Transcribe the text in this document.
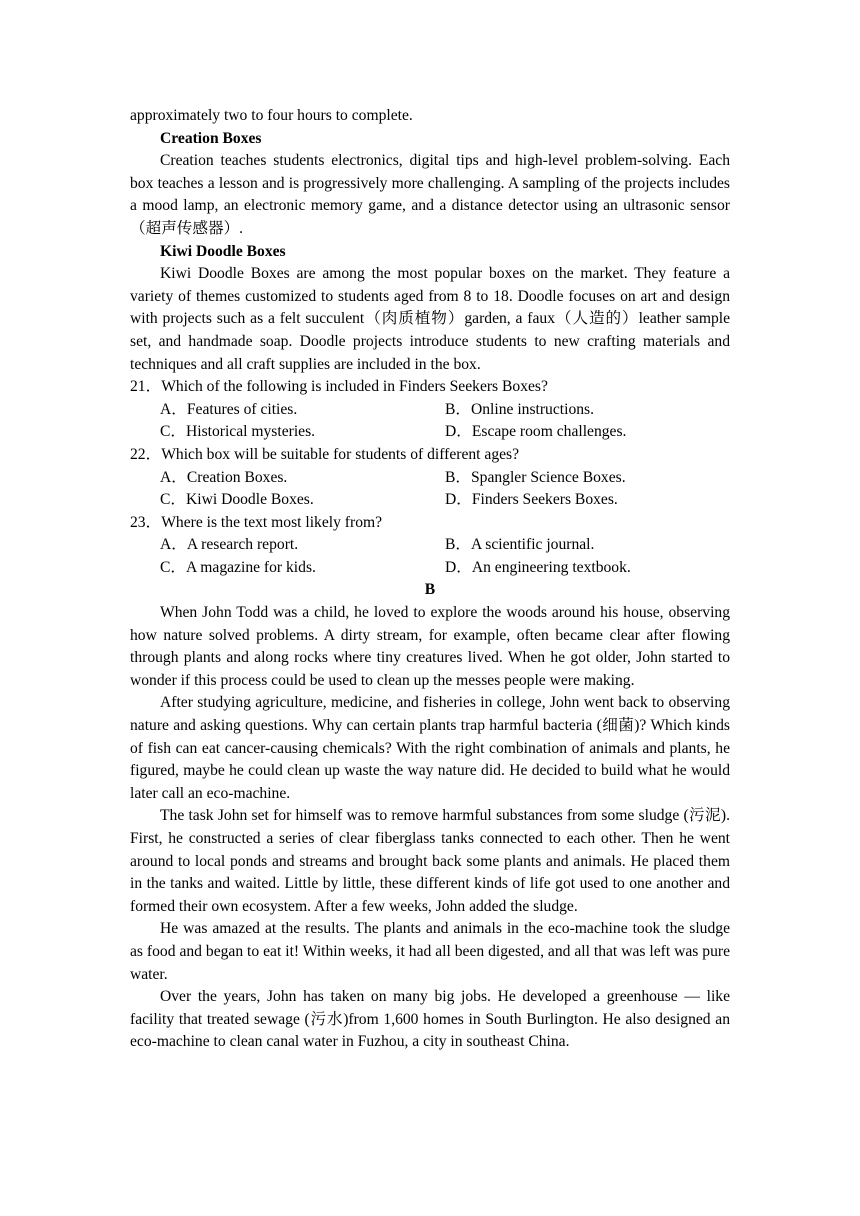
approximately two to four hours to complete.

Creation Boxes

Creation teaches students electronics, digital tips and high-level problem-solving. Each box teaches a lesson and is progressively more challenging. A sampling of the projects includes a mood lamp, an electronic memory game, and a distance detector using an ultrasonic sensor（超声传感器）.

Kiwi Doodle Boxes

Kiwi Doodle Boxes are among the most popular boxes on the market. They feature a variety of themes customized to students aged from 8 to 18. Doodle focuses on art and design with projects such as a felt succulent（肉质植物）garden, a faux（人造的）leather sample set, and handmade soap. Doodle projects introduce students to new crafting materials and techniques and all craft supplies are included in the box.

21．Which of the following is included in Finders Seekers Boxes?

A．Features of cities.	B．Online instructions.
C．Historical mysteries.	D．Escape room challenges.

22．Which box will be suitable for students of different ages?

A．Creation Boxes.	B．Spangler Science Boxes.
C．Kiwi Doodle Boxes.	D．Finders Seekers Boxes.

23．Where is the text most likely from?

A．A research report.	B．A scientific journal.
C．A magazine for kids.	D．An engineering textbook.

B

When John Todd was a child, he loved to explore the woods around his house, observing how nature solved problems. A dirty stream, for example, often became clear after flowing through plants and along rocks where tiny creatures lived. When he got older, John started to wonder if this process could be used to clean up the messes people were making.

After studying agriculture, medicine, and fisheries in college, John went back to observing nature and asking questions. Why can certain plants trap harmful bacteria (细菌)? Which kinds of fish can eat cancer-causing chemicals? With the right combination of animals and plants, he figured, maybe he could clean up waste the way nature did. He decided to build what he would later call an eco-machine.

The task John set for himself was to remove harmful substances from some sludge (污泥). First, he constructed a series of clear fiberglass tanks connected to each other. Then he went around to local ponds and streams and brought back some plants and animals. He placed them in the tanks and waited. Little by little, these different kinds of life got used to one another and formed their own ecosystem. After a few weeks, John added the sludge.

He was amazed at the results. The plants and animals in the eco-machine took the sludge as food and began to eat it! Within weeks, it had all been digested, and all that was left was pure water.

Over the years, John has taken on many big jobs. He developed a greenhouse — like facility that treated sewage (污水)from 1,600 homes in South Burlington. He also designed an eco-machine to clean canal water in Fuzhou, a city in southeast China.
